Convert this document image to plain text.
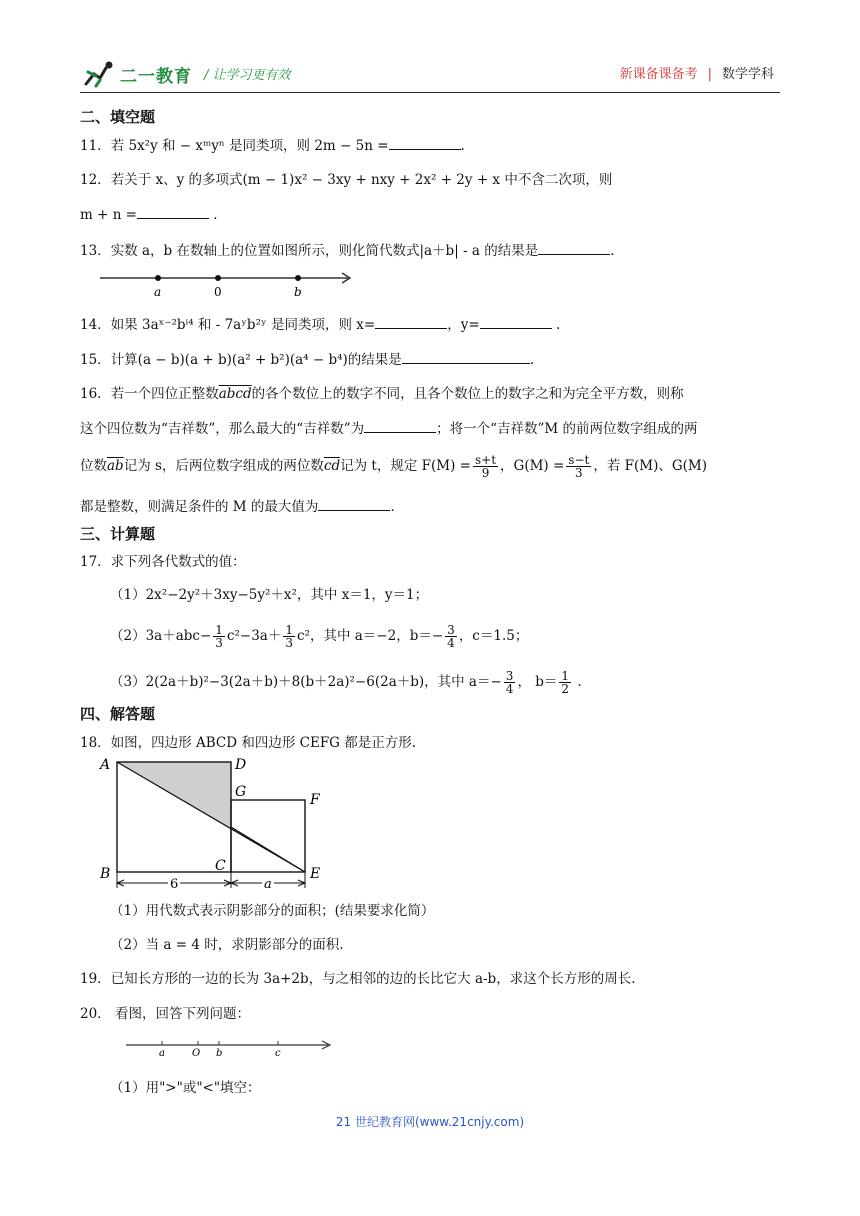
二一教育 / 让学习更有效	新课备课备考 | 数学学科
二、填空题
11．若 5x²y 和 − xᵐyⁿ 是同类项，则 2m − 5n =	.
12．若关于 x、y 的多项式(m − 1)x² − 3xy + nxy + 2x² + 2y + x 中不含二次项，则
m + n =	.
13．实数 a，b 在数轴上的位置如图所示，则化简代数式|a＋b| ‑ a 的结果是	.
a	0	b
14．如果 3aˣ⁻²bⁱ⁴ 和 ‑ 7aʸb²ʸ 是同类项，则 x=	，y=	.
15．计算(a − b)(a + b)(a² + b²)(a⁴ − b⁴)的结果是	.
16．若一个四位正整数abcd的各个数位上的数字不同，且各个数位上的数字之和为完全平方数，则称
这个四位数为“吉祥数”，那么最大的“吉祥数”为	；将一个“吉祥数”M 的前两位数字组成的两
位数$\overline{ab}$记为 s，后两位数字组成的两位数$\overline{cd}$记为 t，规定 $F(M) = \frac{s+t}{9}$ ，$G(M) = \frac{s-t}{3}$ ，若 F(M)、G(M)
都是整数，则满足条件的 M 的最大值为	.
三、计算题
17．求下列各代数式的值：
（1）2x²−2y²＋3xy−5y²＋x²，其中 x＝1，y＝1；
$(2)3a+abc- \frac{1}{3} c^2-3a+ \frac{1}{3} c^2$，其中 a＝−2，$b=- \frac{3}{4}$ ，c＝1.5；
（3）2(2a＋b)²−3(2a＋b)＋8(b＋2a)²−6(2a＋b)，其中 $a=- \frac{3}{4}$ ， $b= \frac{1}{2}$ .
四、解答题
18．如图，四边形 ABCD 和四边形 CEFG 都是正方形.
6	a
A	D
G	F
B	C	E
（1）用代数式表示阴影部分的面积；(结果要求化简）
（2）当 a = 4 时，求阴影部分的面积.
19．已知长方形的一边的长为 3a+2b，与之相邻的边的长比它大 a-b，求这个长方形的周长.
20． 看图，回答下列问题：
a	O b	c
（1）用">"或"<"填空：
21 世纪教育网(www.21cnjy.com)
